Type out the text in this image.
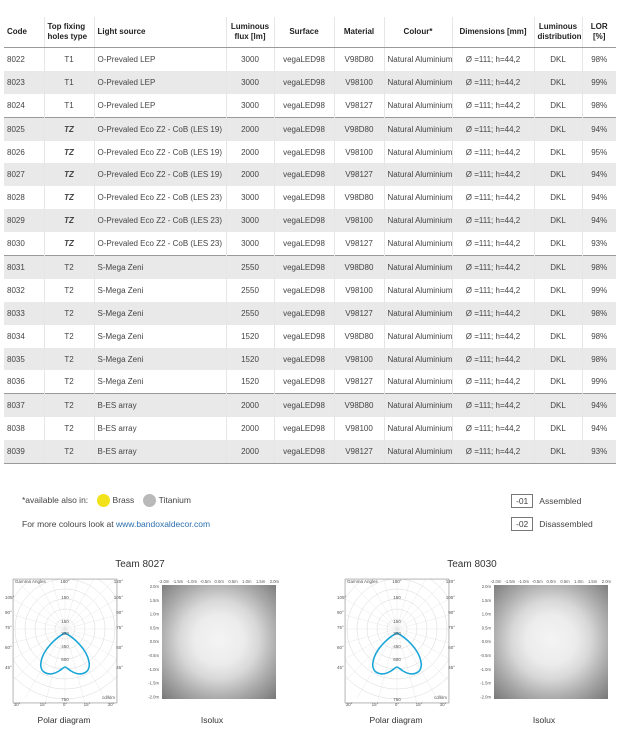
Code	Top fixing holes type	Light source	Luminous flux [lm]	Surface	Material	Colour*	Dimensions [mm]	Luminous distribution	LOR [%]
8022	T1	O-Prevaled LEP	3000	vegaLED98	V98D80	Natural Aluminium	Ø =111; h=44,2	DKL	98%
8023	T1	O-Prevaled LEP	3000	vegaLED98	V98100	Natural Aluminium	Ø =111; h=44,2	DKL	99%
8024	T1	O-Prevaled LEP	3000	vegaLED98	V98127	Natural Aluminium	Ø =111; h=44,2	DKL	98%
8025	TZ	O-Prevaled Eco Z2 - CoB (LES 19)	2000	vegaLED98	V98D80	Natural Aluminium	Ø =111; h=44,2	DKL	94%
8026	TZ	O-Prevaled Eco Z2 - CoB (LES 19)	2000	vegaLED98	V98100	Natural Aluminium	Ø =111; h=44,2	DKL	95%
8027	TZ	O-Prevaled Eco Z2 - CoB (LES 19)	2000	vegaLED98	V98127	Natural Aluminium	Ø =111; h=44,2	DKL	94%
8028	TZ	O-Prevaled Eco Z2 - CoB (LES 23)	3000	vegaLED98	V98D80	Natural Aluminium	Ø =111; h=44,2	DKL	94%
8029	TZ	O-Prevaled Eco Z2 - CoB (LES 23)	3000	vegaLED98	V98100	Natural Aluminium	Ø =111; h=44,2	DKL	94%
8030	TZ	O-Prevaled Eco Z2 - CoB (LES 23)	3000	vegaLED98	V98127	Natural Aluminium	Ø =111; h=44,2	DKL	93%
8031	T2	S-Mega Zeni	2550	vegaLED98	V98D80	Natural Aluminium	Ø =111; h=44,2	DKL	98%
8032	T2	S-Mega Zeni	2550	vegaLED98	V98100	Natural Aluminium	Ø =111; h=44,2	DKL	99%
8033	T2	S-Mega Zeni	2550	vegaLED98	V98127	Natural Aluminium	Ø =111; h=44,2	DKL	98%
8034	T2	S-Mega Zeni	1520	vegaLED98	V98D80	Natural Aluminium	Ø =111; h=44,2	DKL	98%
8035	T2	S-Mega Zeni	1520	vegaLED98	V98100	Natural Aluminium	Ø =111; h=44,2	DKL	98%
8036	T2	S-Mega Zeni	1520	vegaLED98	V98127	Natural Aluminium	Ø =111; h=44,2	DKL	99%
8037	T2	B-ES array	2000	vegaLED98	V98D80	Natural Aluminium	Ø =111; h=44,2	DKL	94%
8038	T2	B-ES array	2000	vegaLED98	V98100	Natural Aluminium	Ø =111; h=44,2	DKL	94%
8039	T2	B-ES array	2000	vegaLED98	V98127	Natural Aluminium	Ø =111; h=44,2	DKL	93%
*available also in:	Brass	Titanium
For more colours look at www.bandoxaldecor.com
-01 Assembled
-02 Disassembled
Team 8027
Gamma Angles	180°
105°
90°
75°
60°
45°
120°
105°
90°
75°
60°
45°
30°	15°	0°	15°	30°
150
150
300
450
600
750	cd/klm
-2.0m -1.5m -1.0m -0.5m 0.0m 0.5m 1.0m 1.5m 2.0m
2.0m
1.5m
1.0m
0.5m
0.0m
-0.5m
-1.0m
-1.5m
-2.0m
Polar diagram	Isolux
Team 8030
Gamma Angles	180°
105°
90°
75°
60°
45°
120°
105°
90°
75°
60°
45°
30°	15°	0°	15°	30°
150
150
300
450
600
750	cd/klm
-2.0m -1.5m -1.0m -0.5m 0.0m 0.5m 1.0m 1.5m 2.0m
2.0m
1.5m
1.0m
0.5m
0.0m
-0.5m
-1.0m
-1.5m
-2.0m
Polar diagram	Isolux
